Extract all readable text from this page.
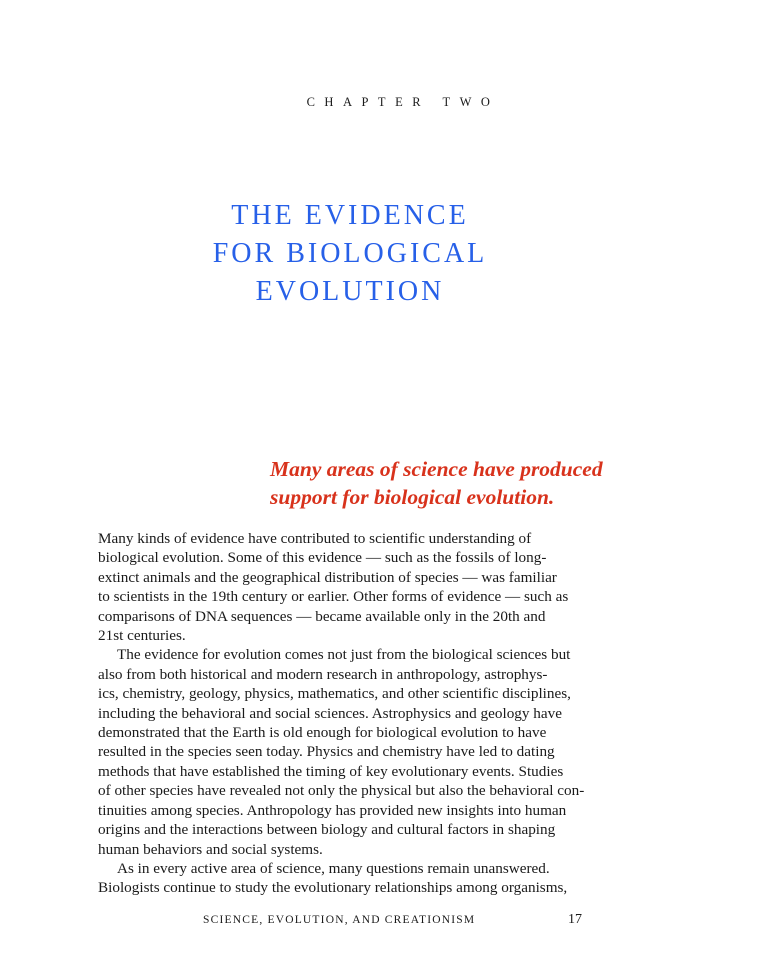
CHAPTER TWO
THE EVIDENCE
FOR BIOLOGICAL
EVOLUTION
Many areas of science have produced
support for biological evolution.
Many kinds of evidence have contributed to scientific understanding of
biological evolution. Some of this evidence — such as the fossils of long-
extinct animals and the geographical distribution of species — was familiar
to scientists in the 19th century or earlier. Other forms of evidence — such as
comparisons of DNA sequences — became available only in the 20th and
21st centuries.
The evidence for evolution comes not just from the biological sciences but
also from both historical and modern research in anthropology, astrophys-
ics, chemistry, geology, physics, mathematics, and other scientific disciplines,
including the behavioral and social sciences. Astrophysics and geology have
demonstrated that the Earth is old enough for biological evolution to have
resulted in the species seen today. Physics and chemistry have led to dating
methods that have established the timing of key evolutionary events. Studies
of other species have revealed not only the physical but also the behavioral con-
tinuities among species. Anthropology has provided new insights into human
origins and the interactions between biology and cultural factors in shaping
human behaviors and social systems.
As in every active area of science, many questions remain unanswered.
Biologists continue to study the evolutionary relationships among organisms,
SCIENCE, EVOLUTION, AND CREATIONISM	17
